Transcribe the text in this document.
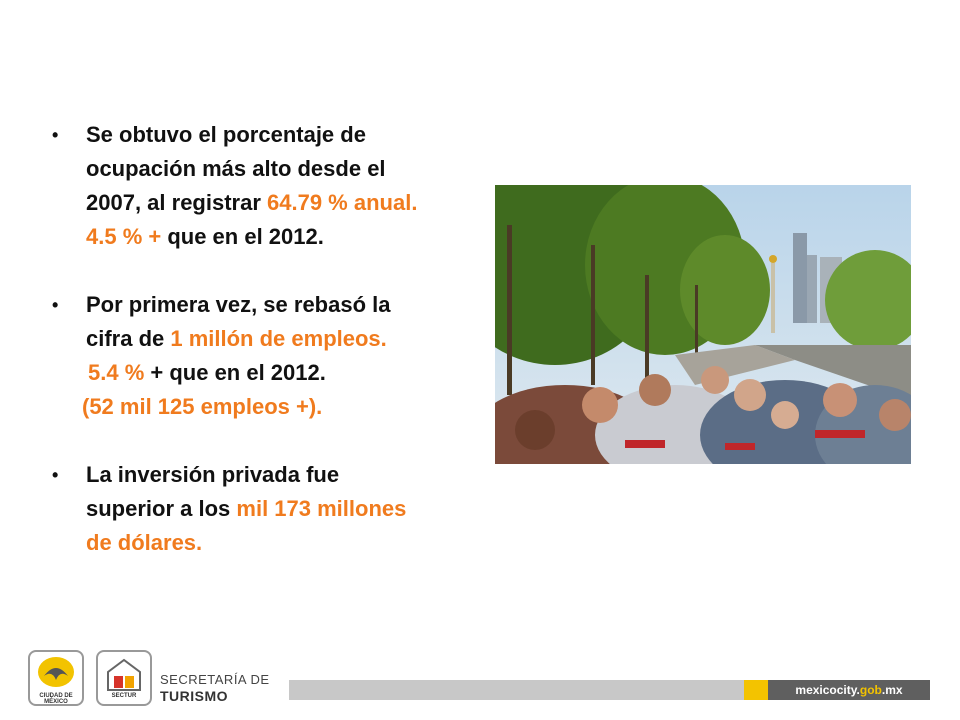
• Se obtuvo el porcentaje de
ocupación más alto desde el
2007, al registrar 64.79 % anual.
4.5 % + que en el 2012.
• Por primera vez, se rebasó la
cifra de 1 millón de empleos.
5.4 % + que en el 2012.
(52 mil 125 empleos +).
• La inversión privada fue
superior a los mil 173 millones
de dólares.
CIUDAD DE MÉXICO
SECTUR
SECRETARÍA DE
TURISMO	mexicocity.gob.mx
